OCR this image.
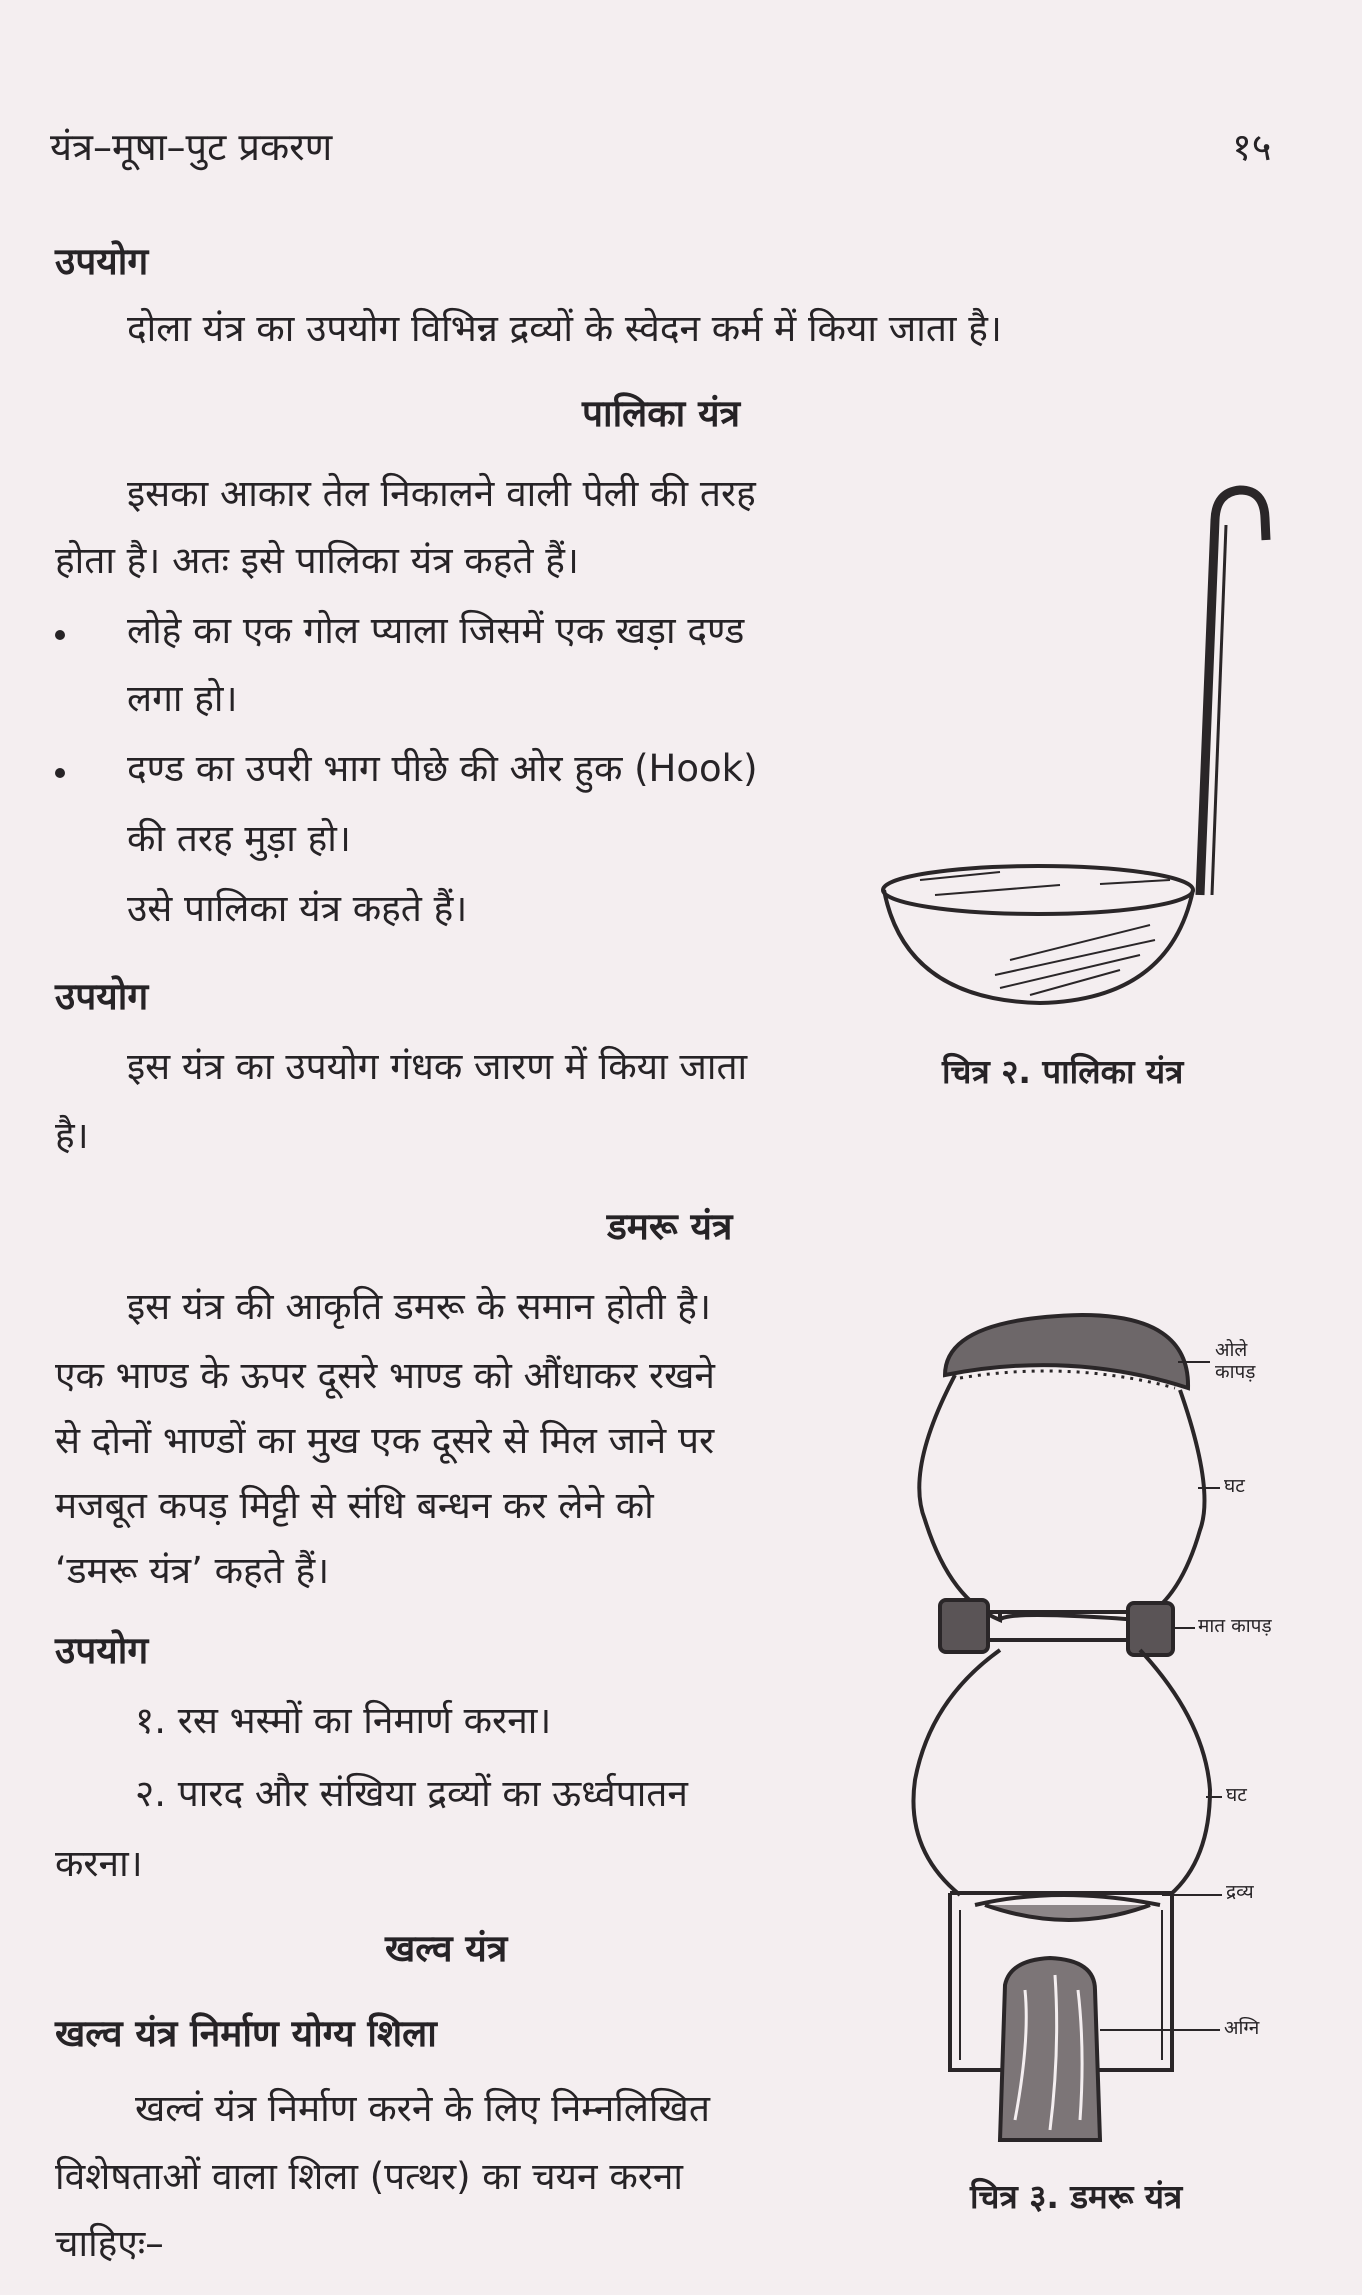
यंत्र–मूषा–पुट प्रकरण	१५
उपयोग
दोला यंत्र का उपयोग विभिन्न द्रव्यों के स्वेदन कर्म में किया जाता है।
पालिका यंत्र
इसका आकार तेल निकालने वाली पेली की तरह
होता है। अतः इसे पालिका यंत्र कहते हैं।
लोहे का एक गोल प्याला जिसमें एक खड़ा दण्ड
लगा हो।
दण्ड का उपरी भाग पीछे की ओर हुक (Hook)
की तरह मुड़ा हो।
उसे पालिका यंत्र कहते हैं।
उपयोग
इस यंत्र का उपयोग गंधक जारण में किया जाता
है।
चित्र २. पालिका यंत्र
डमरू यंत्र
इस यंत्र की आकृति डमरू के समान होती है।
एक भाण्ड के ऊपर दूसरे भाण्ड को औंधाकर रखने
से दोनों भाण्डों का मुख एक दूसरे से मिल जाने पर
मजबूत कपड़ मिट्टी से संधि बन्धन कर लेने को
‘डमरू यंत्र’ कहते हैं।
उपयोग
१. रस भस्मों का निमार्ण करना।
२. पारद और संखिया द्रव्यों का ऊर्ध्वपातन
करना।
ओले
कापड़
घट
मात कापड़
घट
द्रव्य
अग्नि
चित्र ३. डमरू यंत्र
खल्व यंत्र
खल्व यंत्र निर्माण योग्य शिला
खल्वं यंत्र निर्माण करने के लिए निम्नलिखित
विशेषताओं वाला शिला (पत्थर) का चयन करना
चाहिएः–
